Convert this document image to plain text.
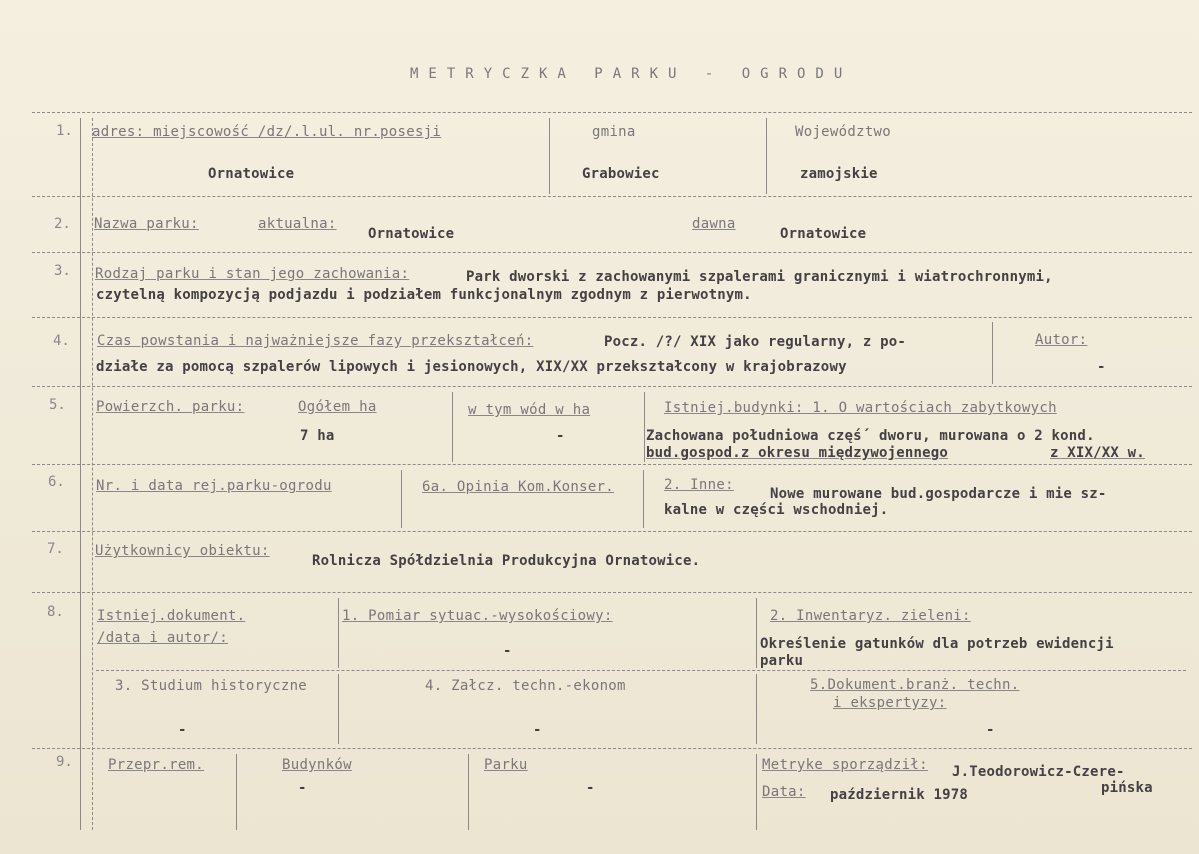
METRYCZKA PARKU - OGRODU
1.
2.
3.
4.
5.
6.
7.
8.
9.
adres: miejscowość /dz/.l.ul. nr.posesji
Ornatowice
gmina
Grabowiec
Województwo
zamojskie
Nazwa parku:	aktualna:
Ornatowice
dawna
Ornatowice
Rodzaj parku i stan jego zachowania:	Park dworski z zachowanymi szpalerami granicznymi i wiatrochronnymi,
czytelną kompozycją podjazdu i podziałem funkcjonalnym zgodnym z pierwotnym.
Czas powstania i najważniejsze fazy przekształceń:	Pocz. /?/ XIX jako regularny, z po-
działe za pomocą szpalerów lipowych i jesionowych, XIX/XX przekształcony w krajobrazowy
Autor:
-
Powierzch. parku:	Ogółem ha
7 ha
w tym wód w ha
-
Istniej.budynki: 1. O wartościach zabytkowych
Zachowana południowa częś´ dworu, murowana o 2 kond.
bud.gospod.z okresu międzywojennego	z XIX/XX w.
Nr. i data rej.parku-ogrodu	6a. Opinia Kom.Konser.	2. Inne:
Nowe murowane bud.gospodarcze i mie sz-
kalne w części wschodniej.
Użytkownicy obiektu:
Rolnicza Spółdzielnia Produkcyjna Ornatowice.
Istniej.dokument.
/data i autor/:
1. Pomiar sytuac.-wysokościowy:
-
2. Inwentaryz. zieleni:
Określenie gatunków dla potrzeb ewidencji
parku
3. Studium historyczne
-
4. Załcz. techn.-ekonom
-
5.Dokument.branż. techn.
i ekspertyzy:
-
Przepr.rem.	Budynków
-
Parku
-
Metryke sporządził: J.Teodorowicz-Czere-
pińska
Data: październik 1978
